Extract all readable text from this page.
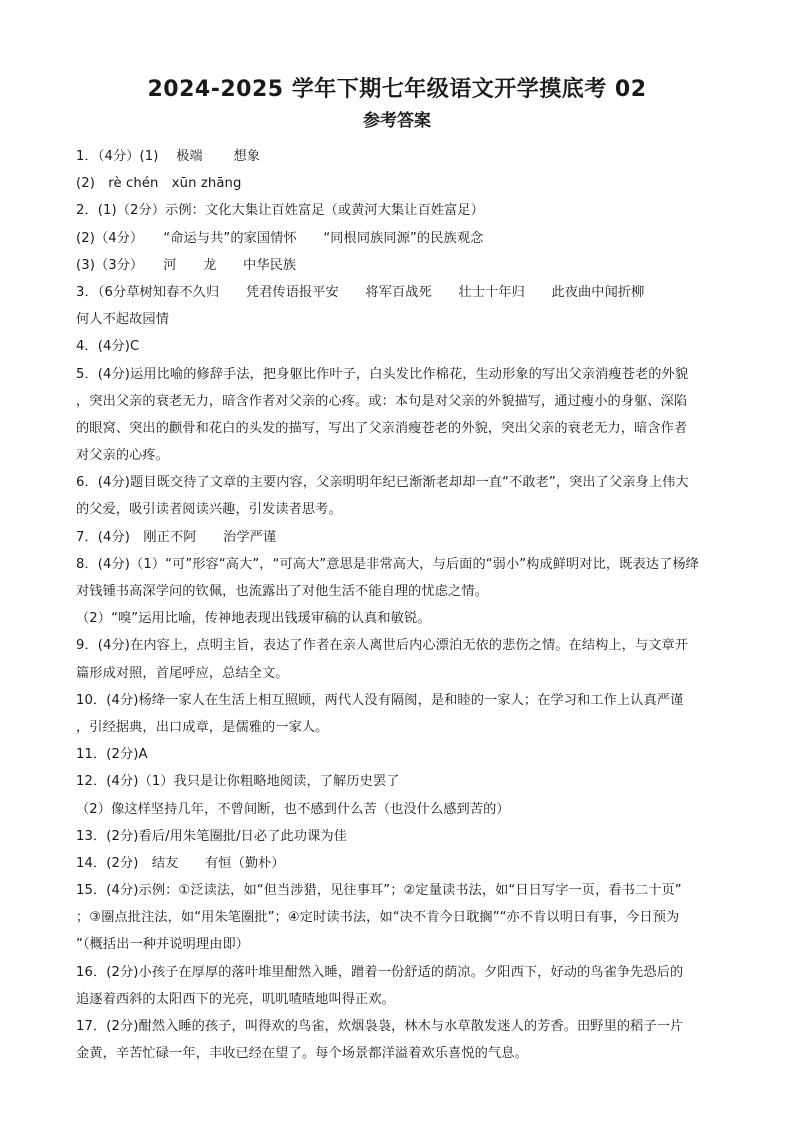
2024-2025 学年下期七年级语文开学摸底考 02
参考答案
1．（4分）(1)　 极端　　 想象
(2)　rè chén　xūn zhāng
2．(1)（2分）示例：文化大集让百姓富足（或黄河大集让百姓富足）
(2)（4分）　　“命运与共”的家国情怀　　“同根同族同源”的民族观念
(3)（3分）　　河　　龙　　中华民族
3．（6分草树知春不久归　　凭君传语报平安　　将军百战死　　壮士十年归　　此夜曲中闻折柳
何人不起故园情
4．(4分)C
5．(4分)运用比喻的修辞手法，把身躯比作叶子，白头发比作棉花，生动形象的写出父亲消瘦苍老的外貌
，突出父亲的衰老无力，暗含作者对父亲的心疼。或：本句是对父亲的外貌描写，通过瘦小的身躯、深陷
的眼窝、突出的颧骨和花白的头发的描写，写出了父亲消瘦苍老的外貌，突出父亲的衰老无力，暗含作者
对父亲的心疼。
6．(4分)题目既交待了文章的主要内容，父亲明明年纪已渐渐老却却一直“不敢老”，突出了父亲身上伟大
的父爱，吸引读者阅读兴趣，引发读者思考。
7．(4分)　刚正不阿　　治学严谨
8．(4分)（1）“可”形容“高大”，“可高大”意思是非常高大，与后面的“弱小”构成鲜明对比，既表达了杨绛
对钱锺书高深学问的钦佩，也流露出了对他生活不能自理的忧虑之情。
（2）“嗅”运用比喻，传神地表现出钱瑗审稿的认真和敏锐。
9．(4分)在内容上，点明主旨，表达了作者在亲人离世后内心漂泊无依的悲伤之情。在结构上，与文章开
篇形成对照，首尾呼应，总结全文。
10．(4分)杨绛一家人在生活上相互照顾，两代人没有隔阂，是和睦的一家人；在学习和工作上认真严谨
，引经据典，出口成章，是儒雅的一家人。
11．(2分)A
12．(4分)（1）我只是让你粗略地阅读，了解历史罢了
（2）像这样坚持几年，不曾间断，也不感到什么苦（也没什么感到苦的）
13．(2分)看后/用朱笔圈批/日必了此功课为佳
14．(2分)　结友　　有恒（勤朴）
15．(4分)示例：①泛读法，如“但当涉猎，见往事耳”；②定量读书法，如“日日写字一页，看书二十页”
；③圈点批注法，如“用朱笔圈批”；④定时读书法，如“决不肯今日耽搁”“亦不肯以明日有事，今日预为
”（概括出一种并说明理由即）
16．(2分)小孩子在厚厚的落叶堆里酣然入睡，蹭着一份舒适的荫凉。夕阳西下，好动的鸟雀争先恐后的
追逐着西斜的太阳西下的光亮，叽叽喳喳地叫得正欢。
17．(2分)酣然入睡的孩子，叫得欢的鸟雀，炊烟袅袅，林木与水草散发迷人的芳香。田野里的稻子一片
金黄，辛苦忙碌一年，丰收已经在望了。每个场景都洋溢着欢乐喜悦的气息。
